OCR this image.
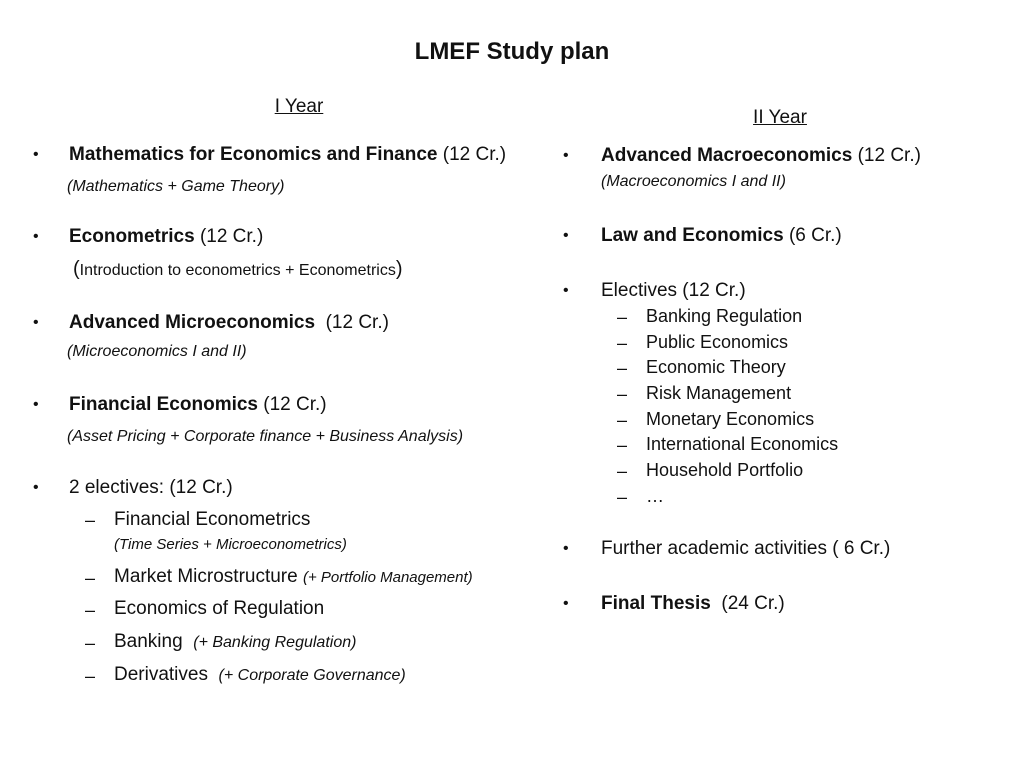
LMEF Study plan
I Year
• Mathematics for Economics and Finance (12 Cr.)
(Mathematics + Game Theory)
• Econometrics (12 Cr.)
(Introduction to econometrics + Econometrics)
• Advanced Microeconomics (12 Cr.)
(Microeconomics I and II)
• Financial Economics (12 Cr.)
(Asset Pricing + Corporate finance + Business Analysis)
• 2 electives: (12 Cr.)
– Financial Econometrics
(Time Series + Microeconometrics)
– Market Microstructure (+ Portfolio Management)
– Economics of Regulation
– Banking (+ Banking Regulation)
– Derivatives (+ Corporate Governance)
II Year
• Advanced Macroeconomics (12 Cr.)
(Macroeconomics I and II)
• Law and Economics (6 Cr.)
• Electives (12 Cr.)
– Banking Regulation
– Public Economics
– Economic Theory
– Risk Management
– Monetary Economics
– International Economics
– Household Portfolio
– …
• Further academic activities ( 6 Cr.)
• Final Thesis (24 Cr.)
